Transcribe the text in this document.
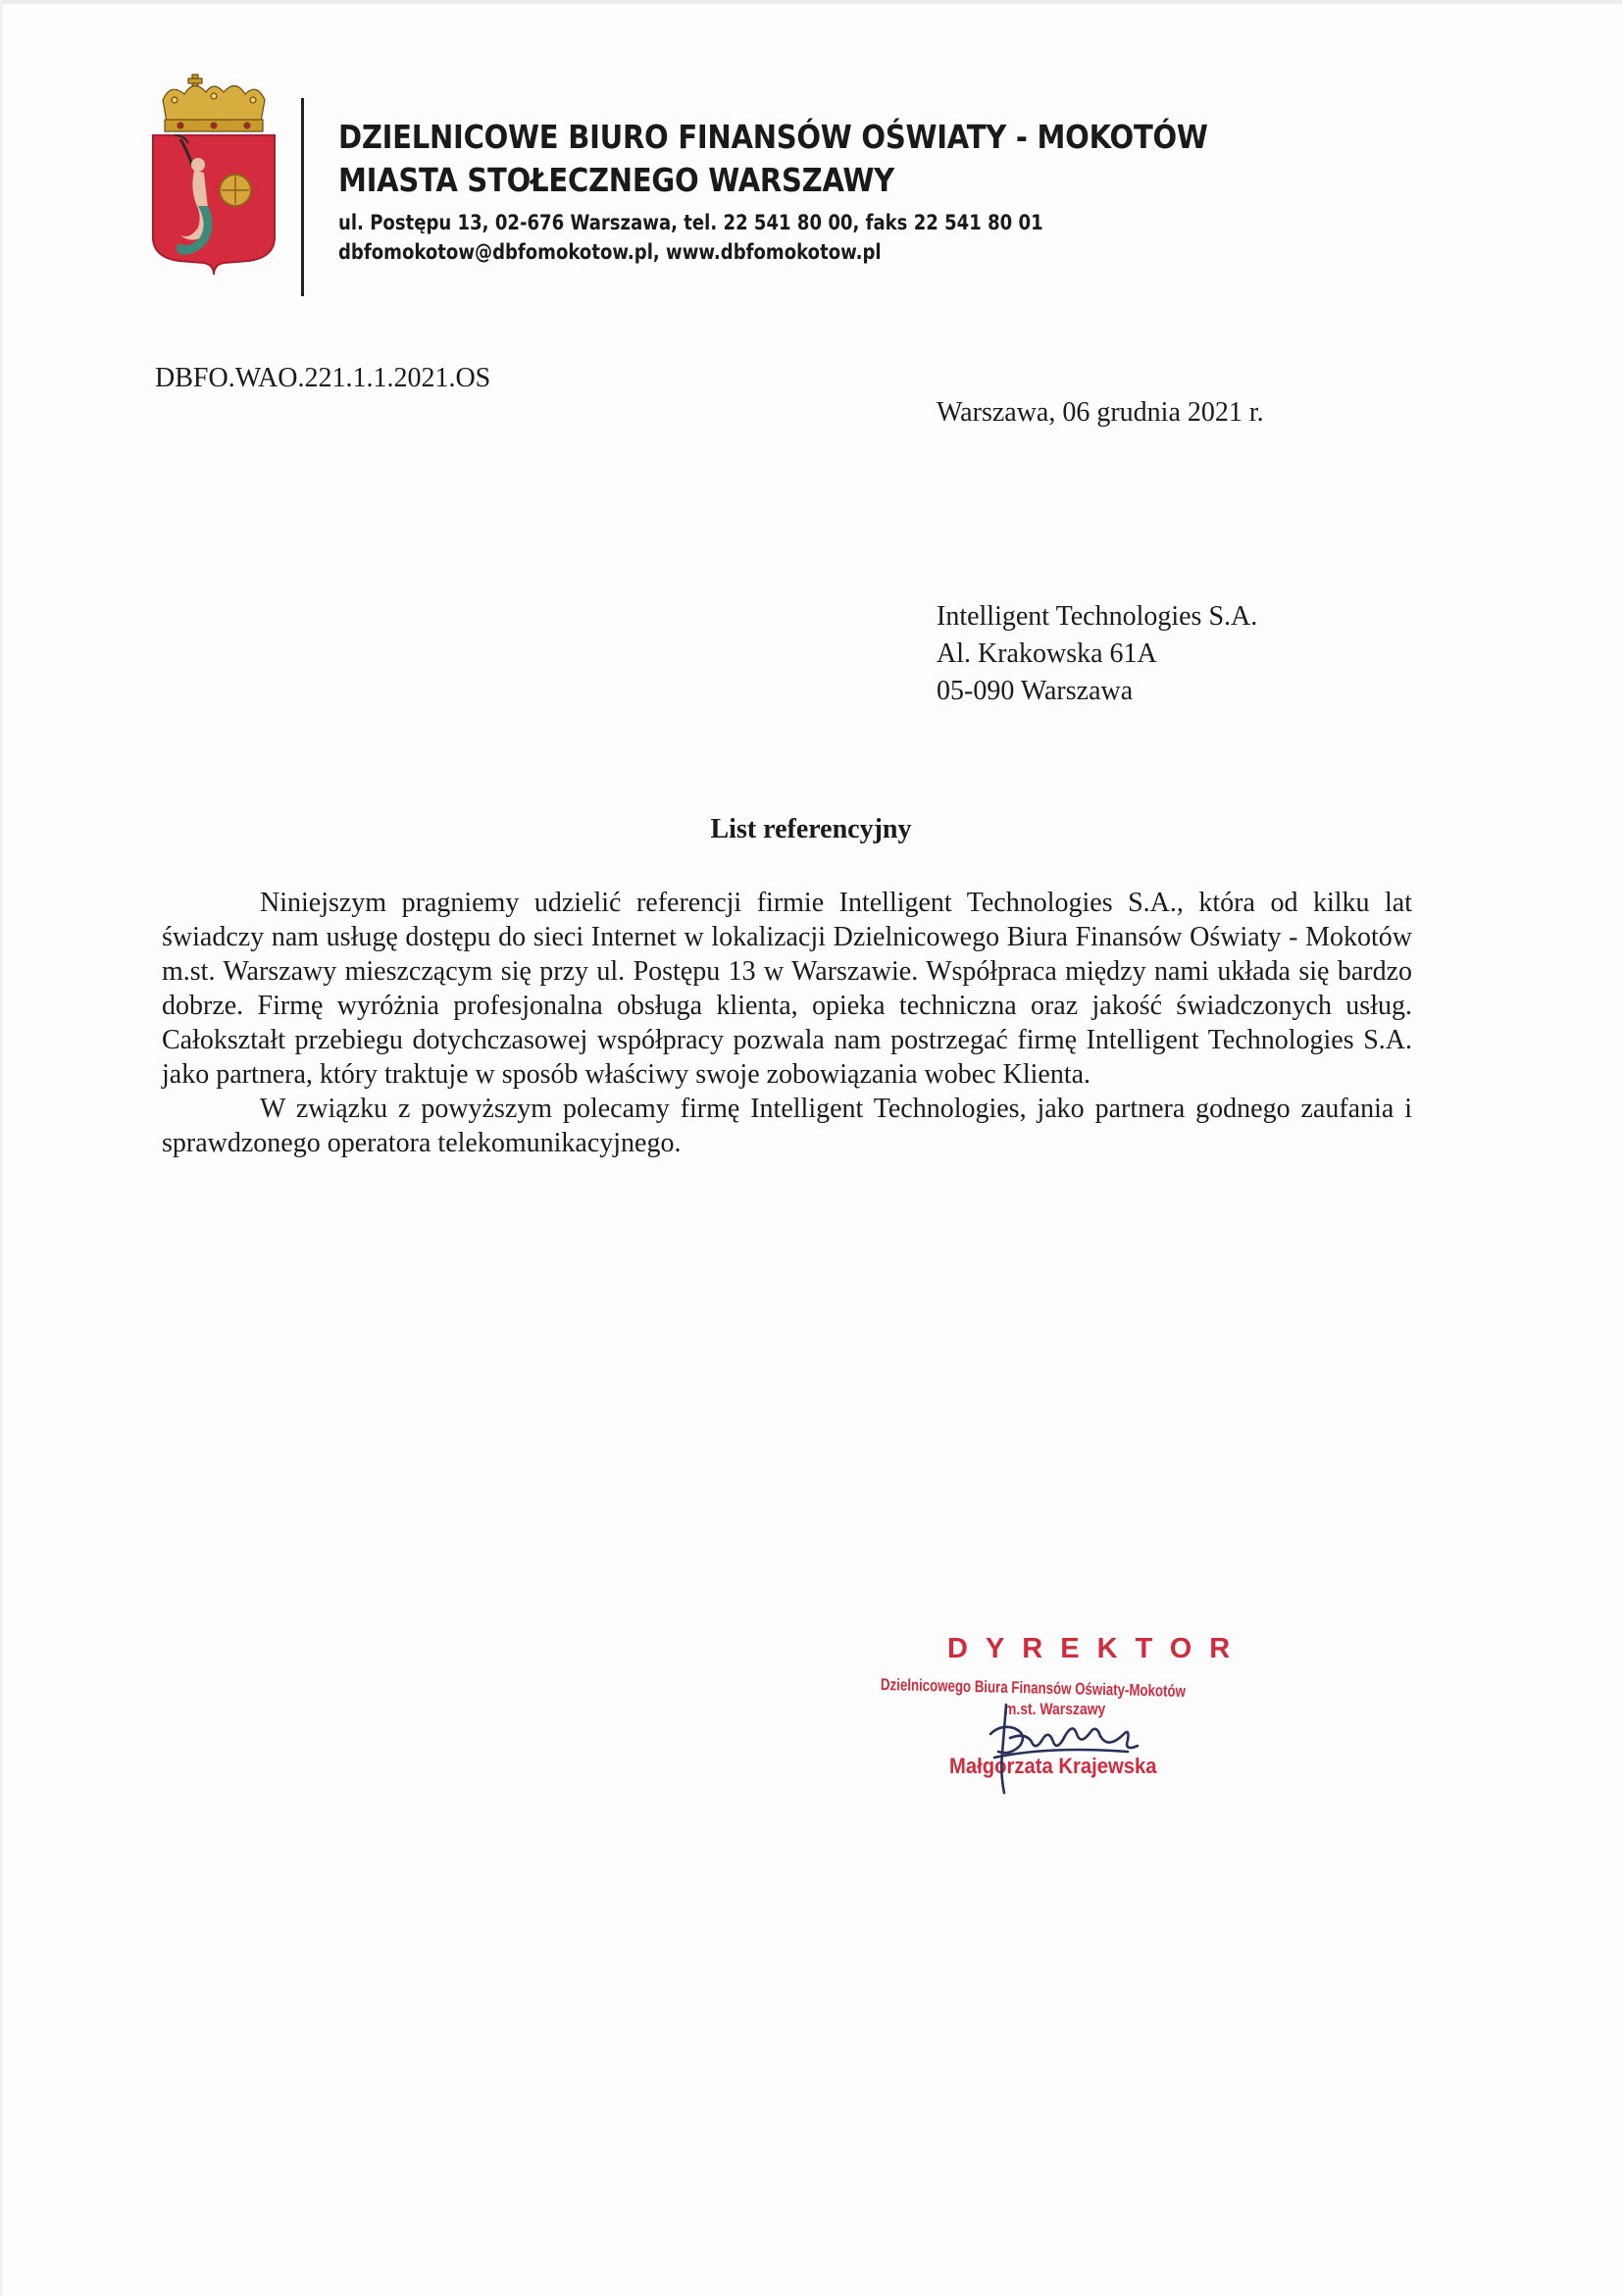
DZIELNICOWE BIURO FINANSÓW OŚWIATY - MOKOTÓW
MIASTA STOŁECZNEGO WARSZAWY
ul. Postępu 13, 02-676 Warszawa, tel. 22 541 80 00, faks 22 541 80 01
dbfomokotow@dbfomokotow.pl, www.dbfomokotow.pl
DBFO.WAO.221.1.1.2021.OS
Warszawa, 06 grudnia 2021 r.
Intelligent Technologies S.A.
Al. Krakowska 61A
05-090 Warszawa
List referencyjny

Niniejszym pragniemy udzielić referencji firmie Intelligent Technologies S.A., która od kilku lat świadczy nam usługę dostępu do sieci Internet w lokalizacji Dzielnicowego Biura Finansów Oświaty - Mokotów m.st. Warszawy mieszczącym się przy ul. Postępu 13 w Warszawie. Współpraca między nami układa się bardzo dobrze. Firmę wyróżnia profesjonalna obsługa klienta, opieka techniczna oraz jakość świadczonych usług. Całokształt przebiegu dotychczasowej współpracy pozwala nam postrzegać firmę Intelligent Technologies S.A. jako partnera, który traktuje w sposób właściwy swoje zobowiązania wobec Klienta.

W związku z powyższym polecamy firmę Intelligent Technologies, jako partnera godnego zaufania i sprawdzonego operatora telekomunikacyjnego.

DYREKTOR
Dzielnicowego Biura Finansów Oświaty-Mokotów
m.st. Warszawy
Małgorzata Krajewska
